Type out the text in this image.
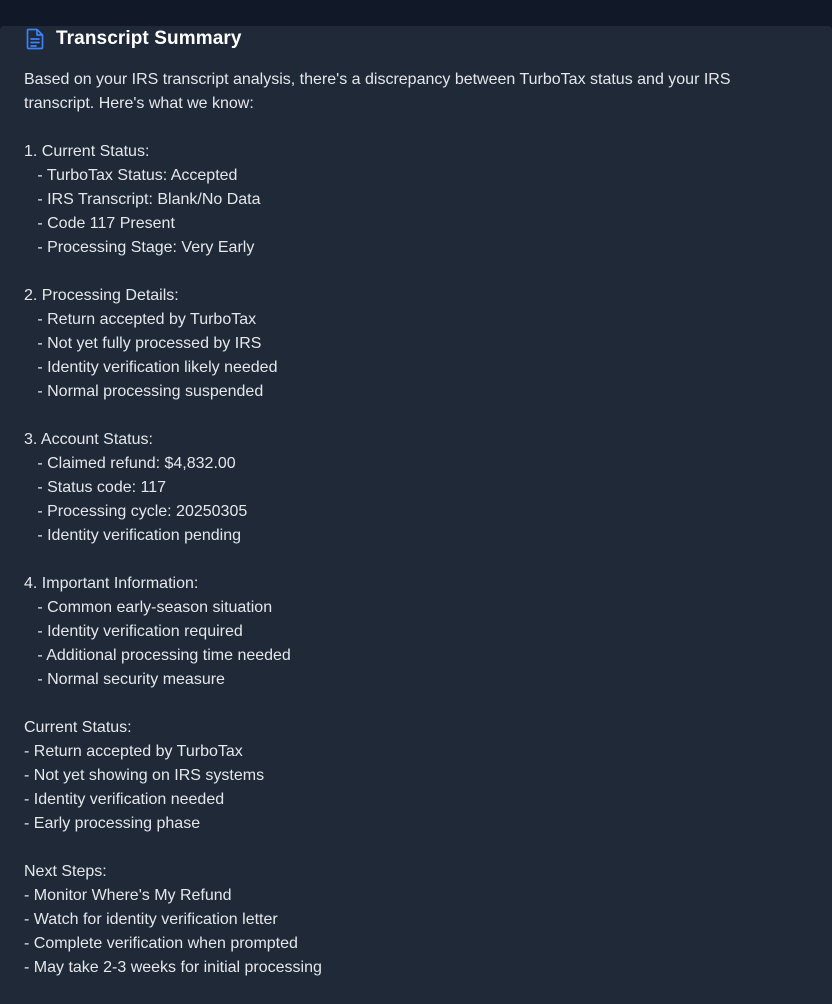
Transcript Summary
Based on your IRS transcript analysis, there's a discrepancy between TurboTax status and your IRS transcript. Here's what we know:
1. Current Status:
- TurboTax Status: Accepted
- IRS Transcript: Blank/No Data
- Code 117 Present
- Processing Stage: Very Early
2. Processing Details:
- Return accepted by TurboTax
- Not yet fully processed by IRS
- Identity verification likely needed
- Normal processing suspended
3. Account Status:
- Claimed refund: $4,832.00
- Status code: 117
- Processing cycle: 20250305
- Identity verification pending
4. Important Information:
- Common early-season situation
- Identity verification required
- Additional processing time needed
- Normal security measure
Current Status:
- Return accepted by TurboTax
- Not yet showing on IRS systems
- Identity verification needed
- Early processing phase
Next Steps:
- Monitor Where's My Refund
- Watch for identity verification letter
- Complete verification when prompted
- May take 2-3 weeks for initial processing
